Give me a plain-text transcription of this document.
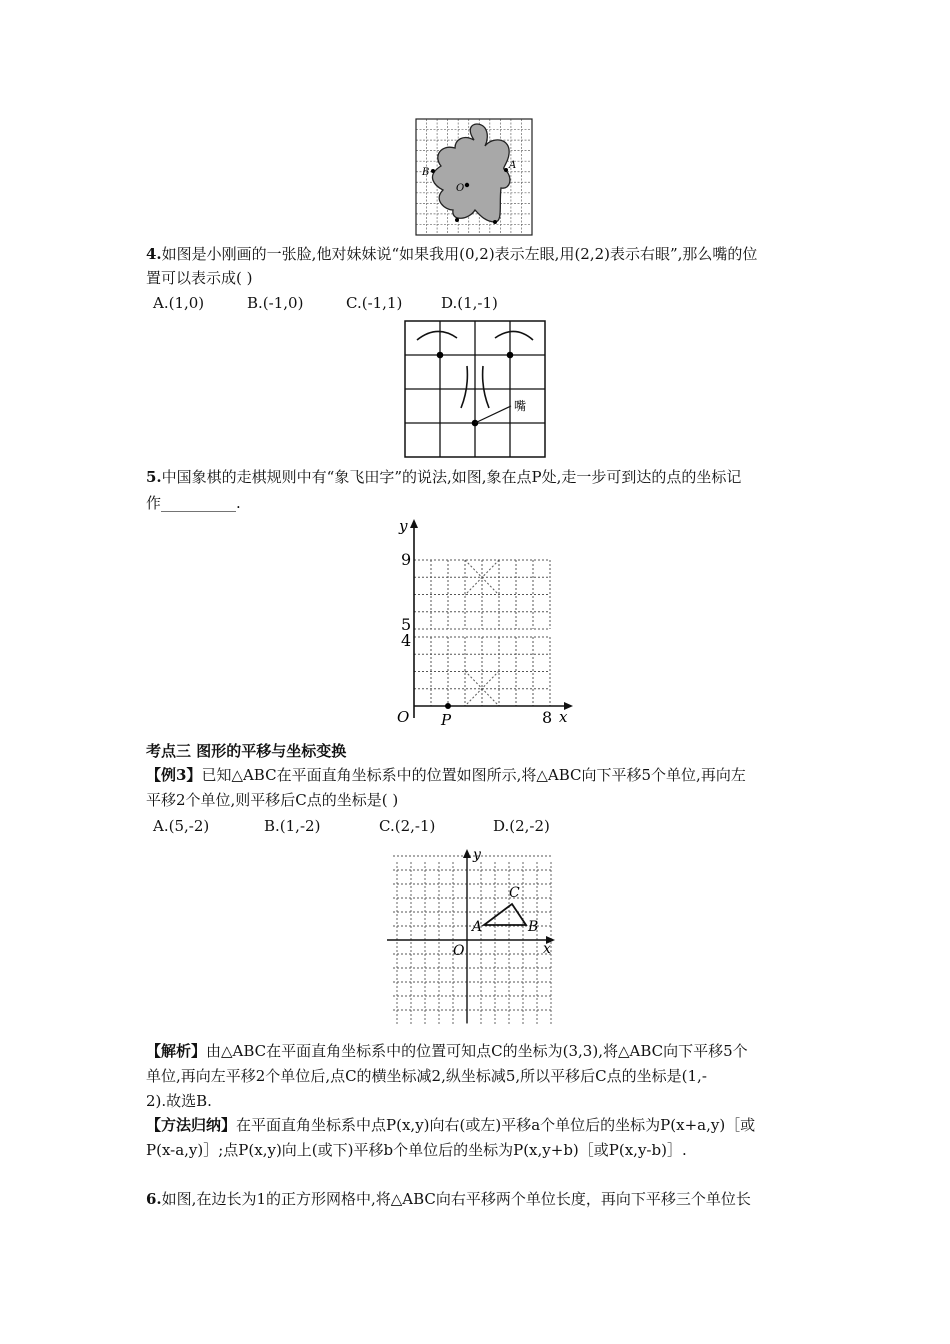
B
A
O
4.如图是小刚画的一张脸,他对妹妹说“如果我用(0,2)表示左眼,用(2,2)表示右眼”,那么嘴的位
置可以表示成( )
A.(1,0)	B.(-1,0)	C.(-1,1)	D.(1,-1)
嘴
5.中国象棋的走棋规则中有“象飞田字”的说法,如图,象在点P处,走一步可到达的点的坐标记
作__________.
y
x
O P
9
5
4
8
考点三 图形的平移与坐标变换
【例3】已知△ABC在平面直角坐标系中的位置如图所示,将△ABC向下平移5个单位,再向左
平移2个单位,则平移后C点的坐标是( )
A.(5,-2)	B.(1,-2)	C.(2,-1)	D.(2,-2)
y
x
O
A	B
C
【解析】由△ABC在平面直角坐标系中的位置可知点C的坐标为(3,3),将△ABC向下平移5个
单位,再向左平移2个单位后,点C的横坐标减2,纵坐标减5,所以平移后C点的坐标是(1,-
2).故选B.
【方法归纳】在平面直角坐标系中点P(x,y)向右(或左)平移a个单位后的坐标为P(x+a,y)［或
P(x-a,y)］;点P(x,y)向上(或下)平移b个单位后的坐标为P(x,y+b)［或P(x,y-b)］.
6.如图,在边长为1的正方形网格中,将△ABC向右平移两个单位长度，再向下平移三个单位长
